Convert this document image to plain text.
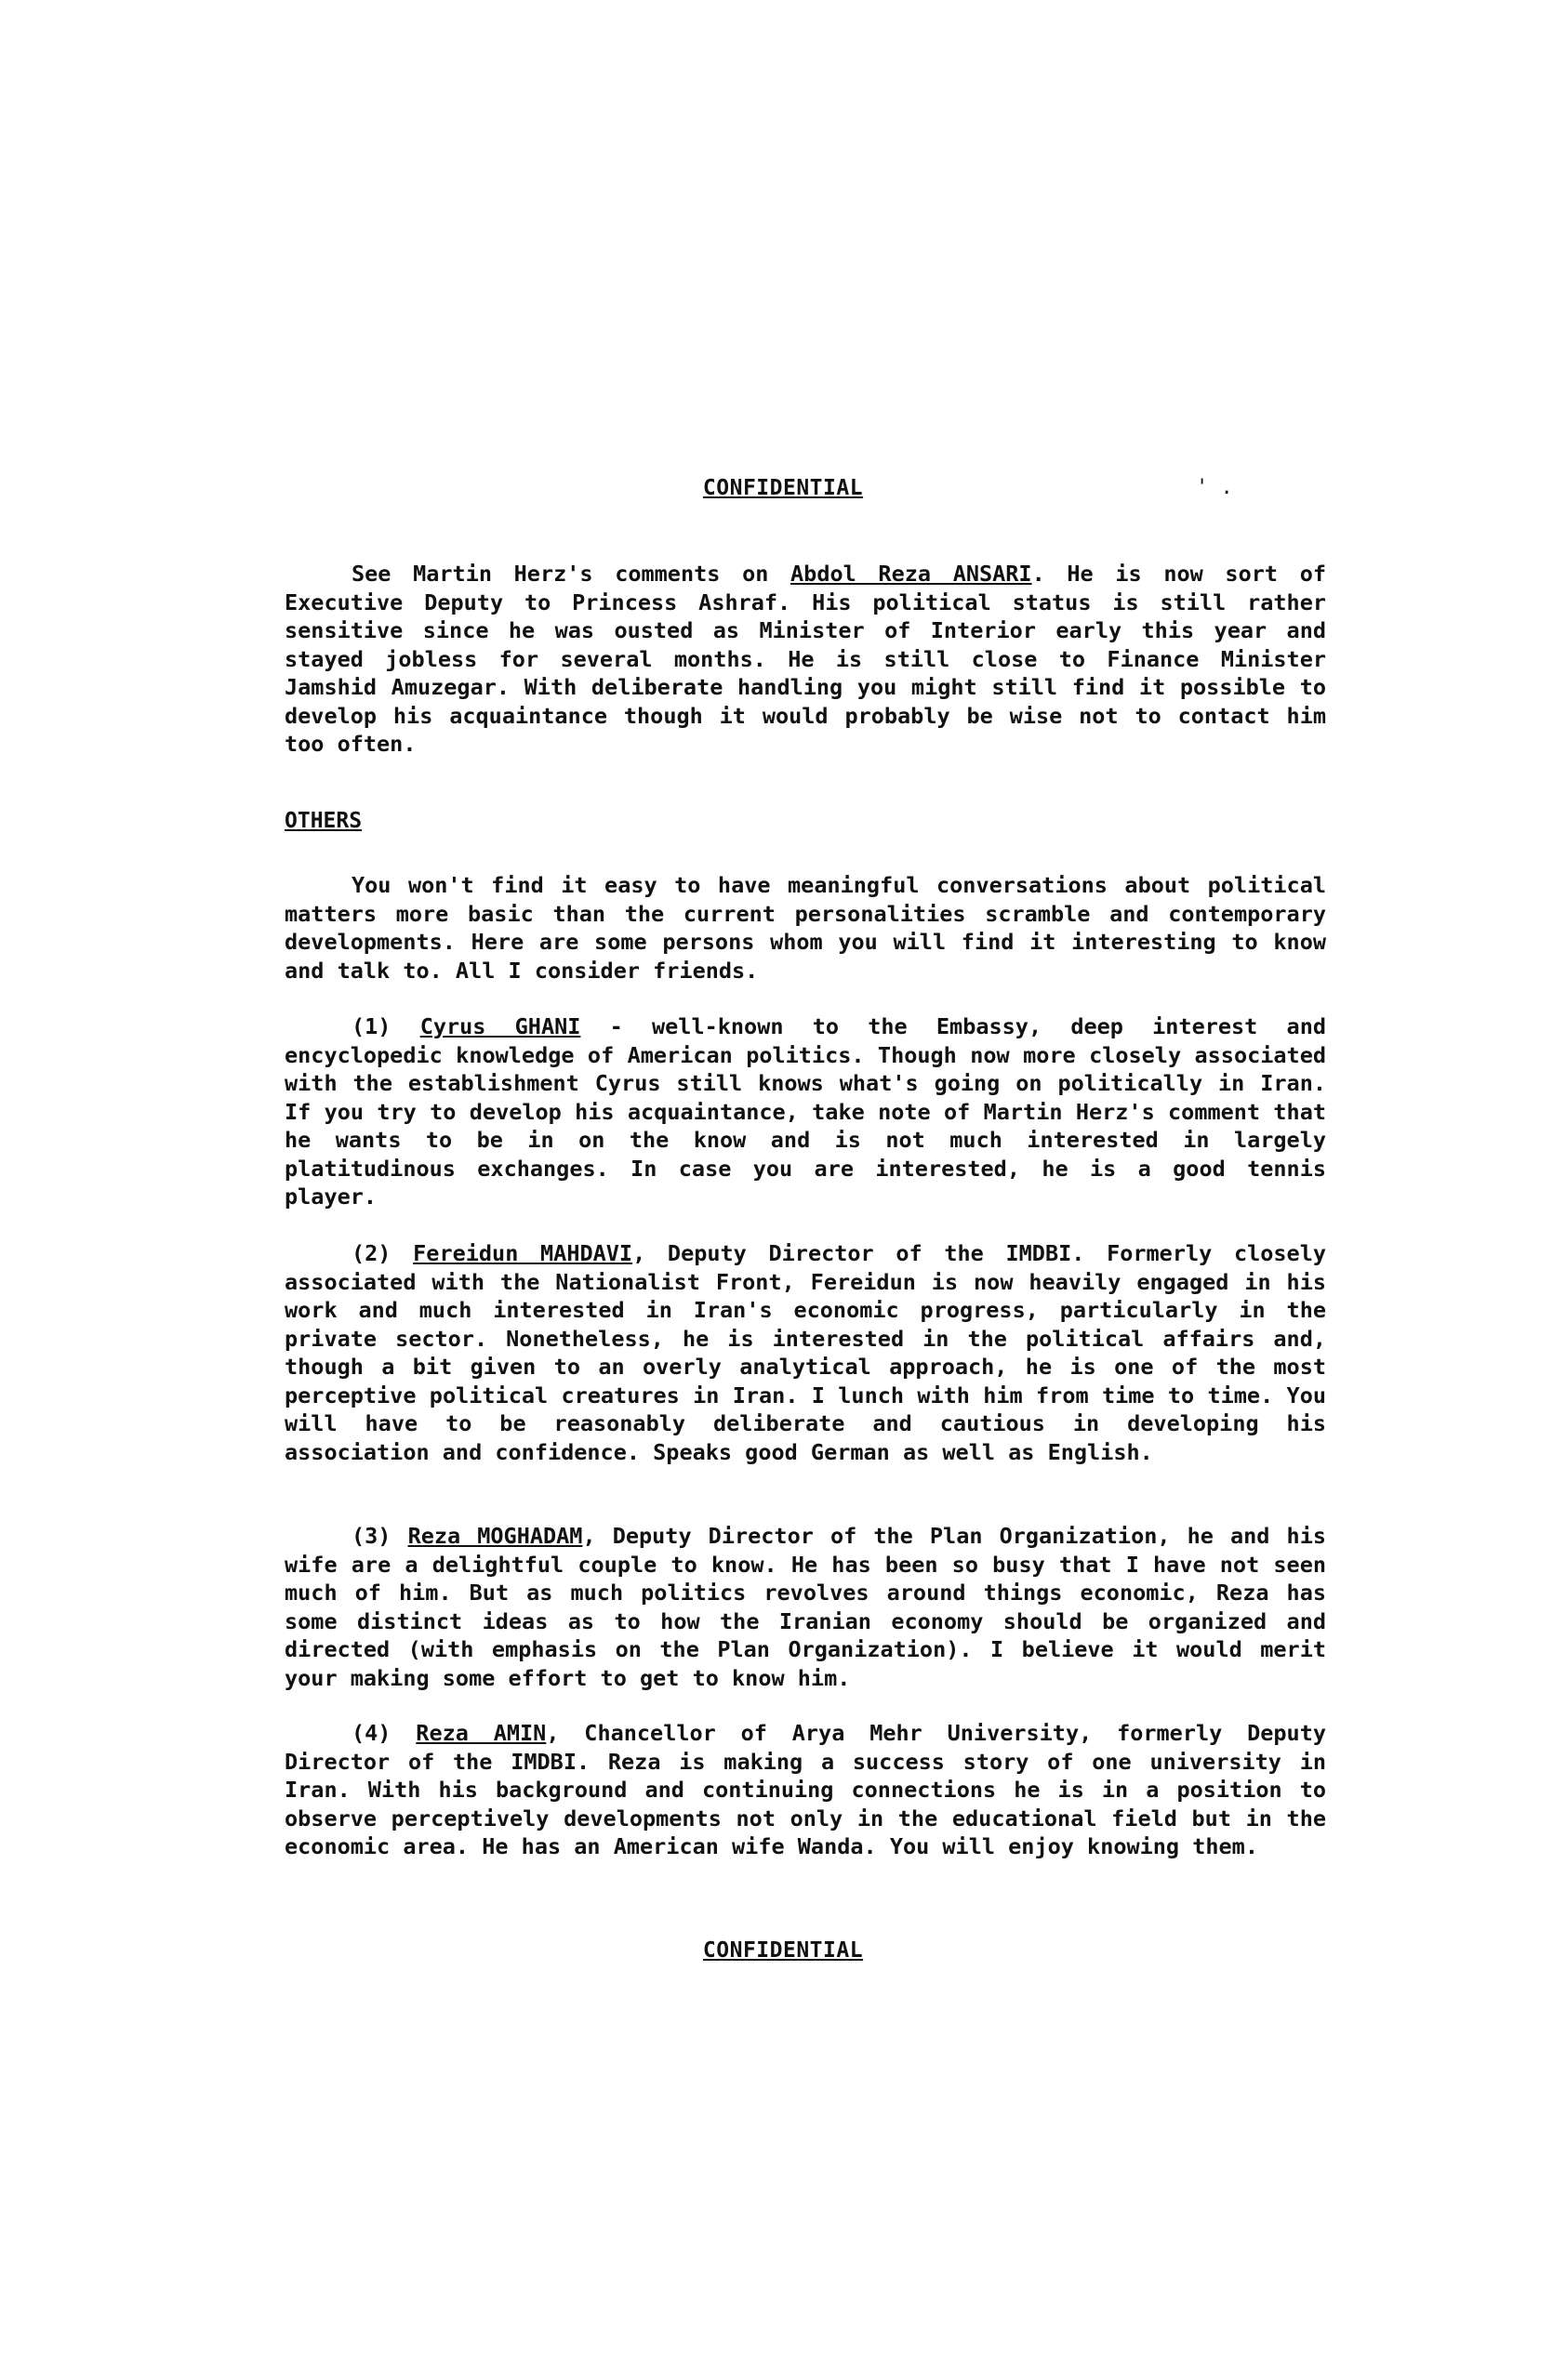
CONFIDENTIAL	' .

See Martin Herz's comments on Abdol Reza ANSARI. He is now sort of Executive Deputy to Princess Ashraf. His political status is still rather sensitive since he was ousted as Minister of Interior early this year and stayed jobless for several months. He is still close to Finance Minister Jamshid Amuzegar. With deliberate handling you might still find it possible to develop his acquaintance though it would probably be wise not to contact him too often.

OTHERS

You won't find it easy to have meaningful conversations about political matters more basic than the current personalities scramble and contemporary developments. Here are some persons whom you will find it interesting to know and talk to. All I consider friends.

(1) Cyrus GHANI - well-known to the Embassy, deep interest and encyclopedic knowledge of American politics. Though now more closely associated with the establishment Cyrus still knows what's going on politically in Iran. If you try to develop his acquaintance, take note of Martin Herz's comment that he wants to be in on the know and is not much interested in largely platitudinous exchanges. In case you are interested, he is a good tennis player.

(2) Fereidun MAHDAVI, Deputy Director of the IMDBI. Formerly closely associated with the Nationalist Front, Fereidun is now heavily engaged in his work and much interested in Iran's economic progress, particularly in the private sector. Nonetheless, he is interested in the political affairs and, though a bit given to an overly analytical approach, he is one of the most perceptive political creatures in Iran. I lunch with him from time to time. You will have to be reasonably deliberate and cautious in developing his association and confidence. Speaks good German as well as English.

(3) Reza MOGHADAM, Deputy Director of the Plan Organization, he and his wife are a delightful couple to know. He has been so busy that I have not seen much of him. But as much politics revolves around things economic, Reza has some distinct ideas as to how the Iranian economy should be organized and directed (with emphasis on the Plan Organization). I believe it would merit your making some effort to get to know him.

(4) Reza AMIN, Chancellor of Arya Mehr University, formerly Deputy Director of the IMDBI. Reza is making a success story of one university in Iran. With his background and continuing connections he is in a position to observe perceptively developments not only in the educational field but in the economic area. He has an American wife Wanda. You will enjoy knowing them.

CONFIDENTIAL
